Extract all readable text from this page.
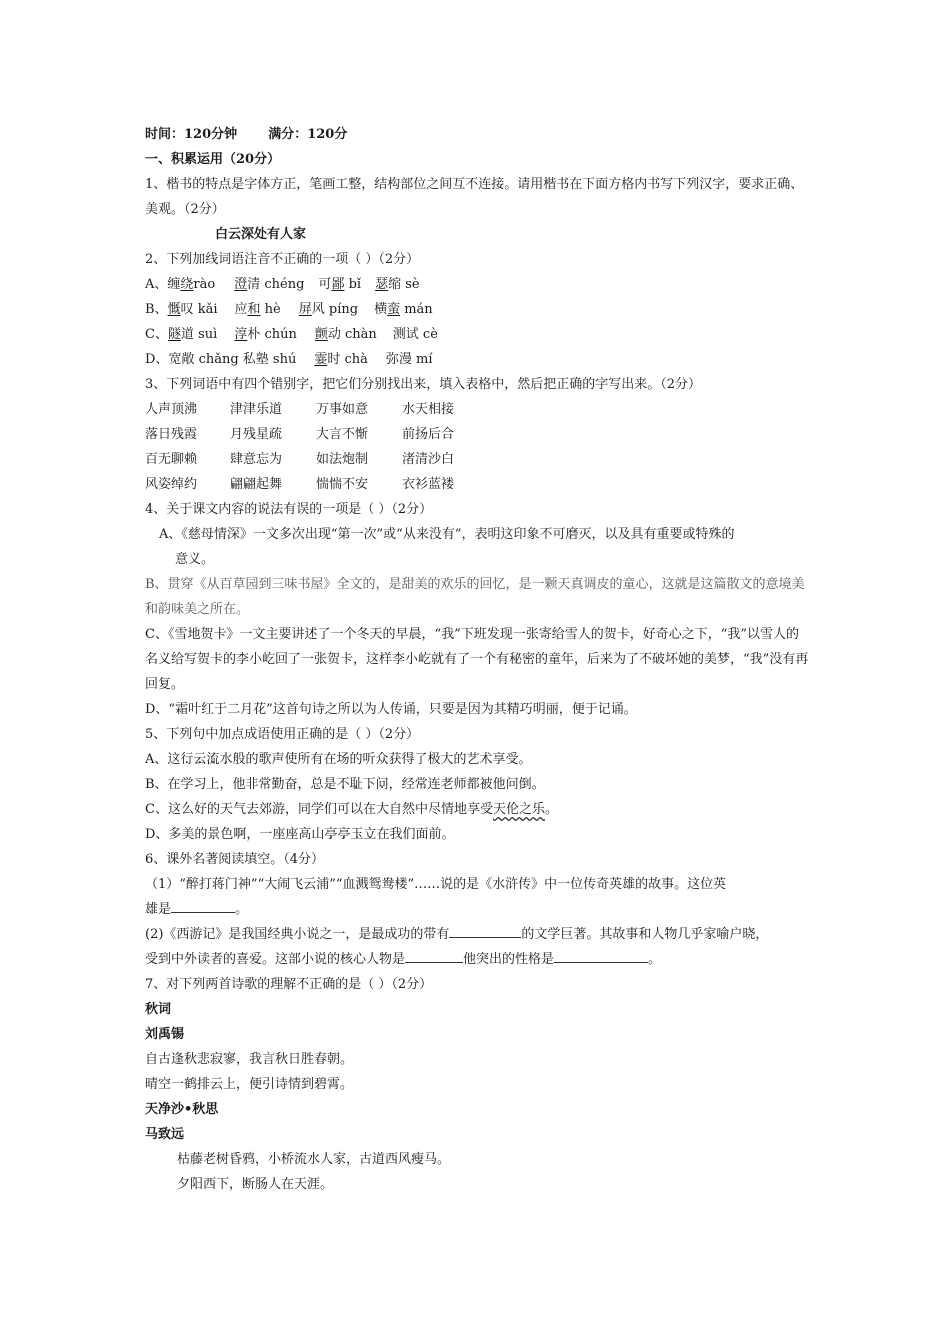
时间：120分钟 满分：120分
一、积累运用（20分）
1、楷书的特点是字体方正，笔画工整，结构部位之间互不连接。请用楷书在下面方格内书写下列汉字，要求正确、美观。（2分）
白云深处有人家
2、下列加线词语注音不正确的一项（ ）（2分）
A、缠绕rào 澄清 chéng 可鄙 bǐ 瑟缩 sè
B、慨叹 kǎi 应和 hè 屏风 píng 横蛮 mán
C、隧道 suì 淳朴 chún 颤动 chàn 测试 cè
D、宽敞 chǎng 私塾 shú 霎时 chà 弥漫 mí
3、下列词语中有四个错别字，把它们分别找出来，填入表格中，然后把正确的字写出来。（2分）
人声顶沸	津津乐道	万事如意	水天相接
落日残霞	月残星疏	大言不惭	前扬后合
百无聊赖	肆意忘为	如法炮制	渚清沙白
风姿绰约	翩翩起舞	惴惴不安	衣衫蓝褛
4、关于课文内容的说法有误的一项是（ ）（2分）
A、《慈母情深》一文多次出现“第一次”或“从来没有”，表明这印象不可磨灭，以及具有重要或特殊的
意义。
B、贯穿《从百草园到三味书屋》全文的，是甜美的欢乐的回忆，是一颗天真调皮的童心，这就是这篇散文的意境美和韵味美之所在。
C、《雪地贺卡》一文主要讲述了一个冬天的早晨，“我”下班发现一张寄给雪人的贺卡，好奇心之下，“我”以雪人的名义给写贺卡的李小屹回了一张贺卡，这样李小屹就有了一个有秘密的童年，后来为了不破坏她的美梦，“我”没有再回复。
D、“霜叶红于二月花”这首句诗之所以为人传诵，只要是因为其精巧明丽，便于记诵。
5、下列句中加点成语使用正确的是（ ）（2分）
A、这行云流水般的歌声使所有在场的听众获得了极大的艺术享受。
B、在学习上，他非常勤奋，总是不耻下问，经常连老师都被他问倒。
C、这么好的天气去郊游，同学们可以在大自然中尽情地享受天伦之乐。
D、多美的景色啊，一座座高山亭亭玉立在我们面前。
6、课外名著阅读填空。（4分）
（1）“醉打蒋门神”“大闹飞云浦”“血溅鸳鸯楼”……说的是《水浒传》中一位传奇英雄的故事。这位英
雄是	。
(2)《西游记》是我国经典小说之一，是最成功的带有	的文学巨著。其故事和人物几乎家喻户晓，
受到中外读者的喜爱。这部小说的核心人物是	他突出的性格是	。
7、对下列两首诗歌的理解不正确的是（ ）（2分）
秋词
刘禹锡
自古逢秋悲寂寥，我言秋日胜春朝。
晴空一鹤排云上，便引诗情到碧霄。
天净沙•秋思
马致远
枯藤老树昏鸦，小桥流水人家，古道西风瘦马。
夕阳西下，断肠人在天涯。
